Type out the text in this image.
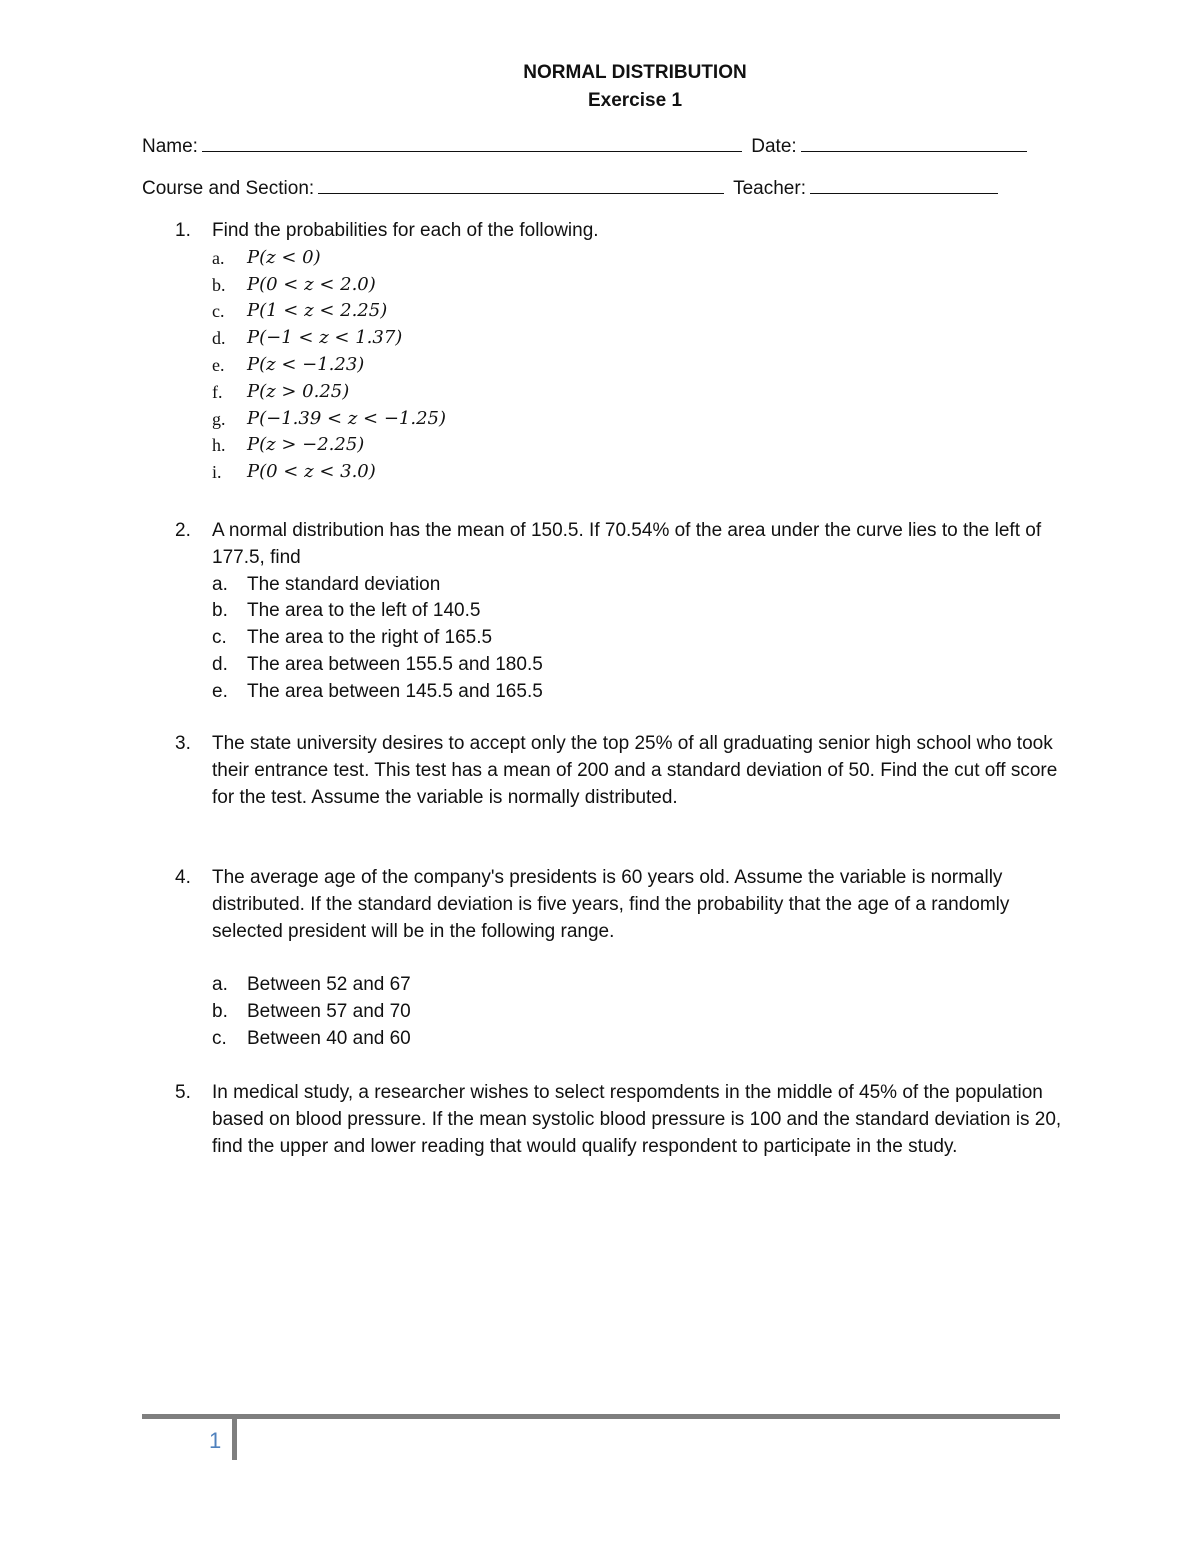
NORMAL DISTRIBUTION
Exercise 1
Name:	Date:
Course and Section:	Teacher:
1. Find the probabilities for each of the following.
a. P(z < 0)
b. P(0 < z < 2.0)
c. P(1 < z < 2.25)
d. P(−1 < z < 1.37)
e. P(z < −1.23)
f. P(z > 0.25)
g. P(−1.39 < z < −1.25)
h. P(z > −2.25)
i. P(0 < z < 3.0)
2. A normal distribution has the mean of 150.5. If 70.54% of the area under the curve lies to the left of 177.5, find
a. The standard deviation
b. The area to the left of 140.5
c. The area to the right of 165.5
d. The area between 155.5 and 180.5
e. The area between 145.5 and 165.5
3. The state university desires to accept only the top 25% of all graduating senior high school who took their entrance test. This test has a mean of 200 and a standard deviation of 50. Find the cut off score for the test. Assume the variable is normally distributed.
4. The average age of the company's presidents is 60 years old. Assume the variable is normally distributed. If the standard deviation is five years, find the probability that the age of a randomly selected president will be in the following range.
a. Between 52 and 67
b. Between 57 and 70
c. Between 40 and 60
5. In medical study, a researcher wishes to select respomdents in the middle of 45% of the population based on blood pressure. If the mean systolic blood pressure is 100 and the standard deviation is 20, find the upper and lower reading that would qualify respondent to participate in the study.
1
